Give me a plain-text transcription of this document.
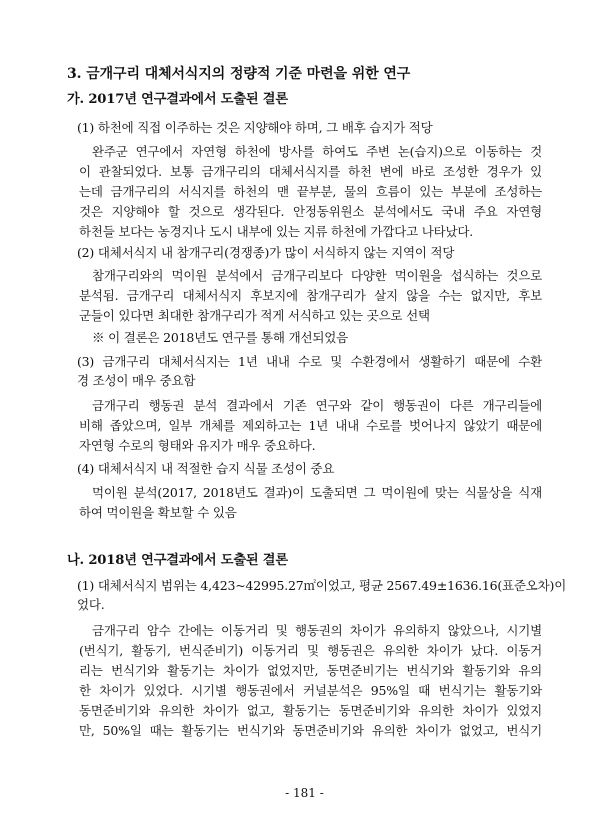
3. 금개구리 대체서식지의 정량적 기준 마련을 위한 연구
가. 2017년 연구결과에서 도출된 결론
(1) 하천에 직접 이주하는 것은 지양해야 하며, 그 배후 습지가 적당
완주군 연구에서 자연형 하천에 방사를 하여도 주변 논(습지)으로 이동하는 것
이 관찰되었다. 보통 금개구리의 대체서식지를 하천 변에 바로 조성한 경우가 있
는데 금개구리의 서식지를 하천의 맨 끝부분, 물의 흐름이 있는 부분에 조성하는
것은 지양해야 할 것으로 생각된다. 안정동위원소 분석에서도 국내 주요 자연형
하천들 보다는 농경지나 도시 내부에 있는 지류 하천에 가깝다고 나타났다.
(2) 대체서식지 내 참개구리(경쟁종)가 많이 서식하지 않는 지역이 적당
참개구리와의 먹이원 분석에서 금개구리보다 다양한 먹이원을 섭식하는 것으로
분석됨. 금개구리 대체서식지 후보지에 참개구리가 살지 않을 수는 없지만, 후보
군들이 있다면 최대한 참개구리가 적게 서식하고 있는 곳으로 선택
※ 이 결론은 2018년도 연구를 통해 개선되었음
(3) 금개구리 대체서식지는 1년 내내 수로 및 수환경에서 생활하기 때문에 수환
경 조성이 매우 중요함
금개구리 행동권 분석 결과에서 기존 연구와 같이 행동권이 다른 개구리들에
비해 좁았으며, 일부 개체를 제외하고는 1년 내내 수로를 벗어나지 않았기 때문에
자연형 수로의 형태와 유지가 매우 중요하다.
(4) 대체서식지 내 적절한 습지 식물 조성이 중요
먹이원 분석(2017, 2018년도 결과)이 도출되면 그 먹이원에 맞는 식물상을 식재
하여 먹이원을 확보할 수 있음
나. 2018년 연구결과에서 도출된 결론
(1) 대체서식지 범위는 4,423~42995.27㎡이었고, 평균 2567.49±1636.16(표준오차)이
었다.
금개구리 암수 간에는 이동거리 및 행동권의 차이가 유의하지 않았으나, 시기별
(번식기, 활동기, 번식준비기) 이동거리 및 행동권은 유의한 차이가 났다. 이동거
리는 번식기와 활동기는 차이가 없었지만, 동면준비기는 번식기와 활동기와 유의
한 차이가 있었다. 시기별 행동권에서 커널분석은 95%일 때 번식기는 활동기와
동면준비기와 유의한 차이가 없고, 활동기는 동면준비기와 유의한 차이가 있었지
만, 50%일 때는 활동기는 번식기와 동면준비기와 유의한 차이가 없었고, 번식기
- 181 -
